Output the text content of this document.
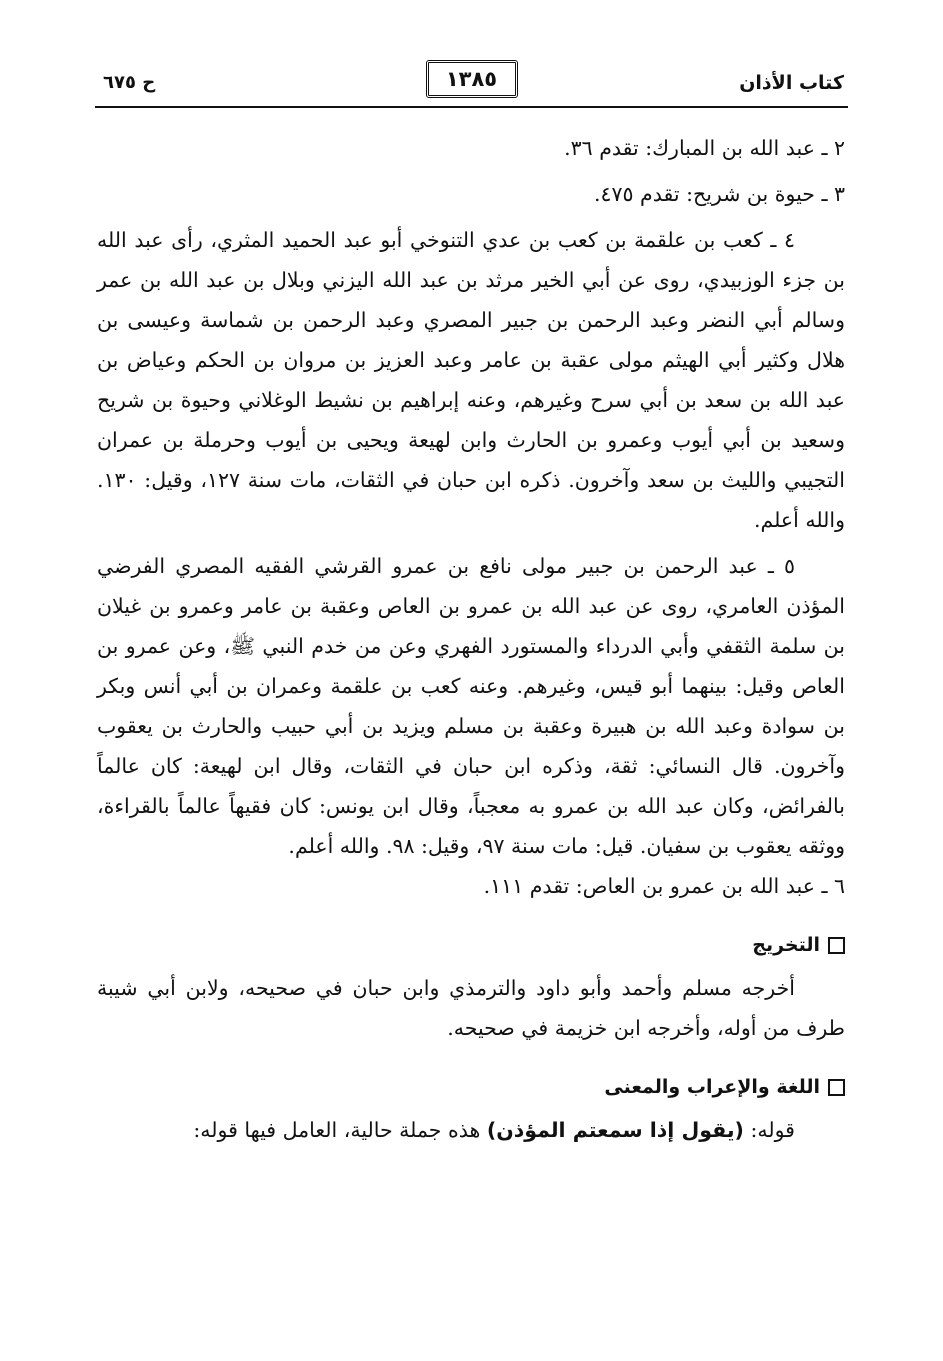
كتاب الأذان
١٣٨٥
ح ٦٧٥

٢ ـ عبد الله بن المبارك: تقدم ٣٦.

٣ ـ حيوة بن شريح: تقدم ٤٧٥.

٤ ـ كعب بن علقمة بن كعب بن عدي التنوخي أبو عبد الحميد المثري، رأى عبد الله بن جزء الوزبيدي، روى عن أبي الخير مرثد بن عبد الله اليزني وبلال بن عبد الله بن عمر وسالم أبي النضر وعبد الرحمن بن جبير المصري وعبد الرحمن بن شماسة وعيسى بن هلال وكثير أبي الهيثم مولى عقبة بن عامر وعبد العزيز بن مروان بن الحكم وعياض بن عبد الله بن سعد بن أبي سرح وغيرهم، وعنه إبراهيم بن نشيط الوغلاني وحيوة بن شريح وسعيد بن أبي أيوب وعمرو بن الحارث وابن لهيعة ويحيى بن أيوب وحرملة بن عمران التجيبي والليث بن سعد وآخرون. ذكره ابن حبان في الثقات، مات سنة ١٢٧، وقيل: ١٣٠. والله أعلم.

٥ ـ عبد الرحمن بن جبير مولى نافع بن عمرو القرشي الفقيه المصري الفرضي المؤذن العامري، روى عن عبد الله بن عمرو بن العاص وعقبة بن عامر وعمرو بن غيلان بن سلمة الثقفي وأبي الدرداء والمستورد الفهري وعن من خدم النبي ﷺ، وعن عمرو بن العاص وقيل: بينهما أبو قيس، وغيرهم. وعنه كعب بن علقمة وعمران بن أبي أنس وبكر بن سوادة وعبد الله بن هبيرة وعقبة بن مسلم ويزيد بن أبي حبيب والحارث بن يعقوب وآخرون. قال النسائي: ثقة، وذكره ابن حبان في الثقات، وقال ابن لهيعة: كان عالماً بالفرائض، وكان عبد الله بن عمرو به معجباً، وقال ابن يونس: كان فقيهاً عالماً بالقراءة، ووثقه يعقوب بن سفيان. قيل: مات سنة ٩٧، وقيل: ٩٨. والله أعلم.

٦ ـ عبد الله بن عمرو بن العاص: تقدم ١١١.

التخريج

أخرجه مسلم وأحمد وأبو داود والترمذي وابن حبان في صحيحه، ولابن أبي شيبة طرف من أوله، وأخرجه ابن خزيمة في صحيحه.

اللغة والإعراب والمعنى

قوله: (يقول إذا سمعتم المؤذن) هذه جملة حالية، العامل فيها قوله:
